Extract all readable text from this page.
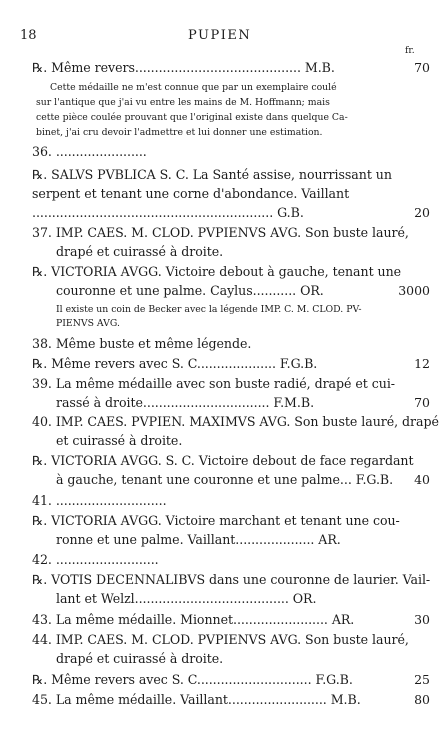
18	PUPIEN
fr.
℞. Même revers.......................................... M.B.	70
Cette médaille ne m'est connue que par un exemplaire coulé
sur l'antique que j'ai vu entre les mains de M. Hoffmann; mais
cette pièce coulée prouvant que l'original existe dans quelque Ca-
binet, j'ai cru devoir l'admettre et lui donner une estimation.
36. .......................
℞. SALVS PVBLICA S. C. La Santé assise, nourrissant un
serpent et tenant une corne d'abondance. Vaillant
............................................................. G.B.	20
37. IMP. CAES. M. CLOD. PVPIENVS AVG. Son buste lauré,
drapé et cuirassé à droite.
℞. VICTORIA AVGG. Victoire debout à gauche, tenant une
couronne et une palme. Caylus........... OR.	3000
Il existe un coin de Becker avec la légende IMP. C. M. CLOD. PV-
PIENVS AVG.
38. Même buste et même légende.
℞. Même revers avec S. C.................... F.G.B.	12
39. La même médaille avec son buste radié, drapé et cui-
rassé à droite................................ F.M.B.	70
40. IMP. CAES. PVPIEN. MAXIMVS AVG. Son buste lauré, drapé
et cuirassé à droite.
℞. VICTORIA AVGG. S. C. Victoire debout de face regardant
à gauche, tenant une couronne et une palme... F.G.B. 40
41. ............................
℞. VICTORIA AVGG. Victoire marchant et tenant une cou-
ronne et une palme. Vaillant.................... AR.
42. ..........................
℞. VOTIS DECENNALIBVS dans une couronne de laurier. Vail-
lant et Welzl....................................... OR.
43. La même médaille. Mionnet........................ AR.	30
44. IMP. CAES. M. CLOD. PVPIENVS AVG. Son buste lauré,
drapé et cuirassé à droite.
℞. Même revers avec S. C............................. F.G.B.	25
45. La même médaille. Vaillant......................... M.B.	80
